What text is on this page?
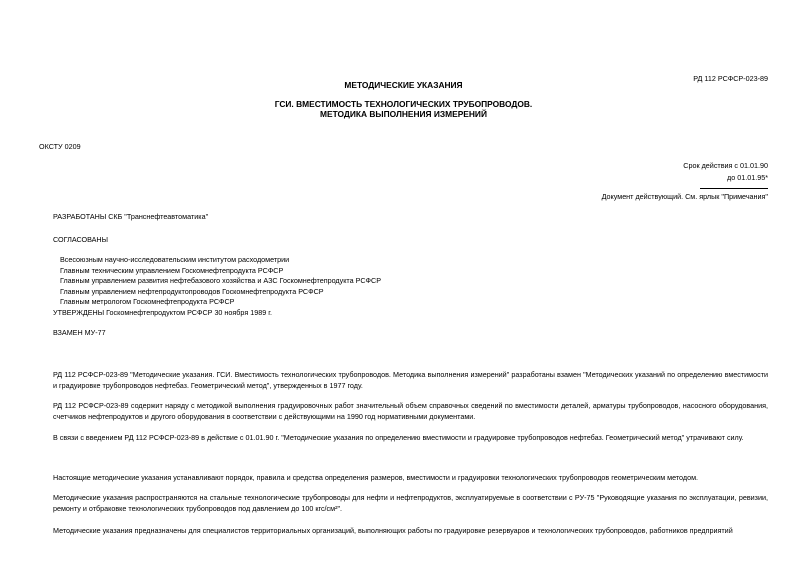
РД 112 РСФСР-023-89
МЕТОДИЧЕСКИЕ УКАЗАНИЯ
ГСИ. ВМЕСТИМОСТЬ ТЕХНОЛОГИЧЕСКИХ ТРУБОПРОВОДОВ.
МЕТОДИКА ВЫПОЛНЕНИЯ ИЗМЕРЕНИЙ
ОКСТУ 0209
Срок действия с 01.01.90
до 01.01.95*
Документ действующий. См. ярлык "Примечания"
РАЗРАБОТАНЫ СКБ "Транснефтеавтоматика"
СОГЛАСОВАНЫ
Всесоюзным научно-исследовательским институтом расходометрии
Главным техническим управлением Госкомнефтепродукта РСФСР
Главным управлением развития нефтебазового хозяйства и АЗС Госкомнефтепродукта РСФСР
Главным управлением нефтепродуктопроводов Госкомнефтепродукта РСФСР
Главным метрологом Госкомнефтепродукта РСФСР
УТВЕРЖДЕНЫ Госкомнефтепродуктом РСФСР 30 ноября 1989 г.
ВЗАМЕН МУ-77
РД 112 РСФСР-023-89 "Методические указания. ГСИ. Вместимость технологических трубопроводов. Методика выполнения измерений" разработаны взамен "Методических указаний по определению вместимости и градуировке трубопроводов нефтебаз. Геометрический метод", утвержденных в 1977 году.
РД 112 РСФСР-023-89 содержит наряду с методикой выполнения градуировочных работ значительный объем справочных сведений по вместимости деталей, арматуры трубопроводов, насосного оборудования, счетчиков нефтепродуктов и другого оборудования в соответствии с действующими на 1990 год нормативными документами.
В связи с введением РД 112 РСФСР-023-89 в действие с 01.01.90 г. "Методические указания по определению вместимости и градуировке трубопроводов нефтебаз. Геометрический метод" утрачивают силу.
Настоящие методические указания устанавливают порядок, правила и средства определения размеров, вместимости и градуировки технологических трубопроводов геометрическим методом.
Методические указания распространяются на стальные технологические трубопроводы для нефти и нефтепродуктов, эксплуатируемые в соответствии с РУ-75 "Руководящие указания по эксплуатации, ревизии, ремонту и отбраковке технологических трубопроводов под давлением до 100 кгс/см²".
Методические указания предназначены для специалистов территориальных организаций, выполняющих работы по градуировке резервуаров и технологических трубопроводов, работников предприятий
